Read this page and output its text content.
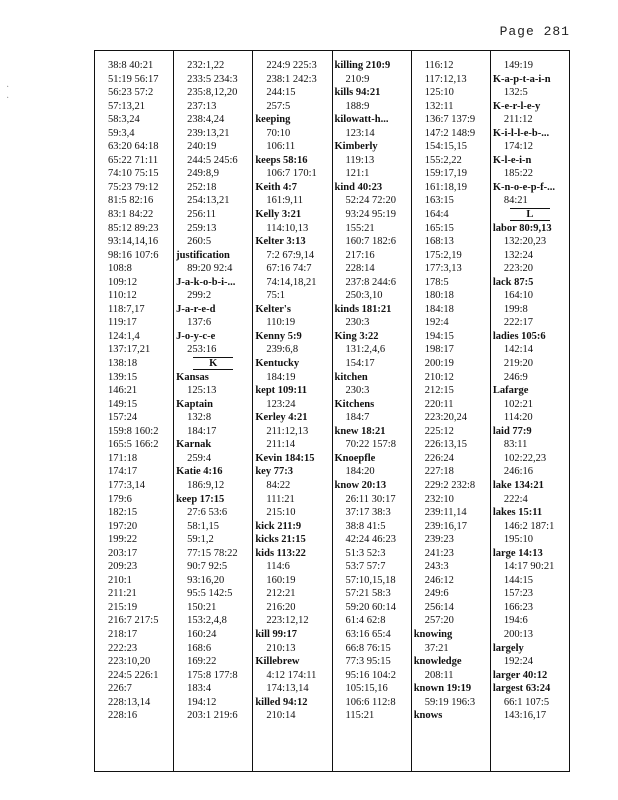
Page 281
·
·
38:8 40:21
51:19 56:17
56:23 57:2
57:13,21
58:3,24
59:3,4
63:20 64:18
65:22 71:11
74:10 75:15
75:23 79:12
81:5 82:16
83:1 84:22
85:12 89:23
93:14,14,16
98:16 107:6
108:8
109:12
110:12
118:7,17
119:17
124:1,4
137:17,21
138:18
139:15
146:21
149:15
157:24
159:8 160:2
165:5 166:2
171:18
174:17
177:3,14
179:6
182:15
197:20
199:22
203:17
209:23
210:1
211:21
215:19
216:7 217:5
218:17
222:23
223:10,20
224:5 226:1
226:7
228:13,14
228:16
232:1,22
233:5 234:3
235:8,12,20
237:13
238:4,24
239:13,21
240:19
244:5 245:6
249:8,9
252:18
254:13,21
256:11
259:13
260:5
justification
89:20 92:4
J-a-k-o-b-i-...
299:2
J-a-r-e-d
137:6
J-o-y-c-e
253:16
K
Kansas
125:13
Kaptain
132:8
184:17
Karnak
259:4
Katie 4:16
186:9,12
keep 17:15
27:6 53:6
58:1,15
59:1,2
77:15 78:22
90:7 92:5
93:16,20
95:5 142:5
150:21
153:2,4,8
160:24
168:6
169:22
175:8 177:8
183:4
194:12
203:1 219:6
224:9 225:3
238:1 242:3
244:15
257:5
keeping
70:10
106:11
keeps 58:16
106:7 170:1
Keith 4:7
161:9,11
Kelly 3:21
114:10,13
Kelter 3:13
7:2 67:9,14
67:16 74:7
74:14,18,21
75:1
Kelter's
110:19
Kenny 5:9
239:6,8
Kentucky
184:19
kept 109:11
123:24
Kerley 4:21
211:12,13
211:14
Kevin 184:15
key 77:3
84:22
111:21
215:10
kick 211:9
kicks 21:15
kids 113:22
114:6
160:19
212:21
216:20
223:12,12
kill 99:17
210:13
Killebrew
4:12 174:11
174:13,14
killed 94:12
210:14
killing 210:9
210:9
kills 94:21
188:9
kilowatt-h...
123:14
Kimberly
119:13
121:1
kind 40:23
52:24 72:20
93:24 95:19
155:21
160:7 182:6
217:16
228:14
237:8 244:6
250:3,10
kinds 181:21
230:3
King 3:22
131:2,4,6
154:17
kitchen
230:3
Kitchens
184:7
knew 18:21
70:22 157:8
Knoepfle
184:20
know 20:13
26:11 30:17
37:17 38:3
38:8 41:5
42:24 46:23
51:3 52:3
53:7 57:7
57:10,15,18
57:21 58:3
59:20 60:14
61:4 62:8
63:16 65:4
66:8 76:15
77:3 95:15
95:16 104:2
105:15,16
106:6 112:8
115:21
116:12
117:12,13
125:10
132:11
136:7 137:9
147:2 148:9
154:15,15
155:2,22
159:17,19
161:18,19
163:15
164:4
165:15
168:13
175:2,19
177:3,13
178:5
180:18
184:18
192:4
194:15
198:17
200:19
210:12
212:15
220:11
223:20,24
225:12
226:13,15
226:24
227:18
229:2 232:8
232:10
239:11,14
239:16,17
239:23
241:23
243:3
246:12
249:6
256:14
257:20
knowing
37:21
knowledge
208:11
known 19:19
59:19 196:3
knows
149:19
K-a-p-t-a-i-n
132:5
K-e-r-l-e-y
211:12
K-i-l-l-e-b-...
174:12
K-l-e-i-n
185:22
K-n-o-e-p-f-...
84:21
L
labor 80:9,13
132:20,23
132:24
223:20
lack 87:5
164:10
199:8
222:17
ladies 105:6
142:14
219:20
246:9
Lafarge
102:21
114:20
laid 77:9
83:11
102:22,23
246:16
lake 134:21
222:4
lakes 15:11
146:2 187:1
195:10
large 14:13
14:17 90:21
144:15
157:23
166:23
194:6
200:13
largely
192:24
larger 40:12
largest 63:24
66:1 107:5
143:16,17
